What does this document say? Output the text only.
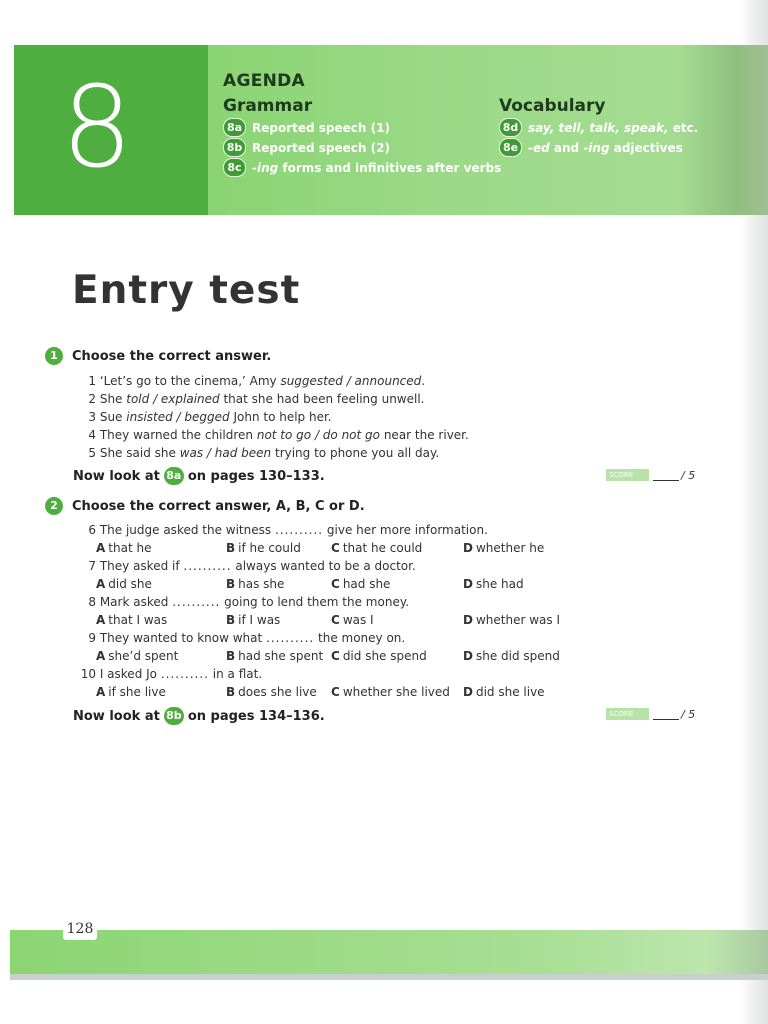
8	AGENDA
Grammar	Vocabulary
8a Reported speech (1)
8b Reported speech (2)
8c -ing forms and infinitives after verbs
8d say, tell, talk, speak, etc.
8e -ed and -ing adjectives
Entry test
1	Choose the correct answer.
1 ‘Let’s go to the cinema,’ Amy suggested / announced.
2 She told / explained that she had been feeling unwell.
3 Sue insisted / begged John to help her.
4 They warned the children not to go / do not go near the river.
5 She said she was / had been trying to phone you all day.
Now look at 8a on pages 130–133.	SCORE	/ 5
2	Choose the correct answer, A, B, C or D.
6 The judge asked the witness .......... give her more information.
A that he	B if he could	C that he could	D whether he
7 They asked if .......... always wanted to be a doctor.
A did she	B has she	C had she	D she had
8 Mark asked .......... going to lend them the money.
A that I was	B if I was	C was I	D whether was I
9 They wanted to know what .......... the money on.
A she’d spent	B had she spent C did she spend	D she did spend
10 I asked Jo .......... in a flat.
A if she live	B does she live C whether she lived D did she live
Now look at 8b on pages 134–136.	SCORE	/ 5
128
